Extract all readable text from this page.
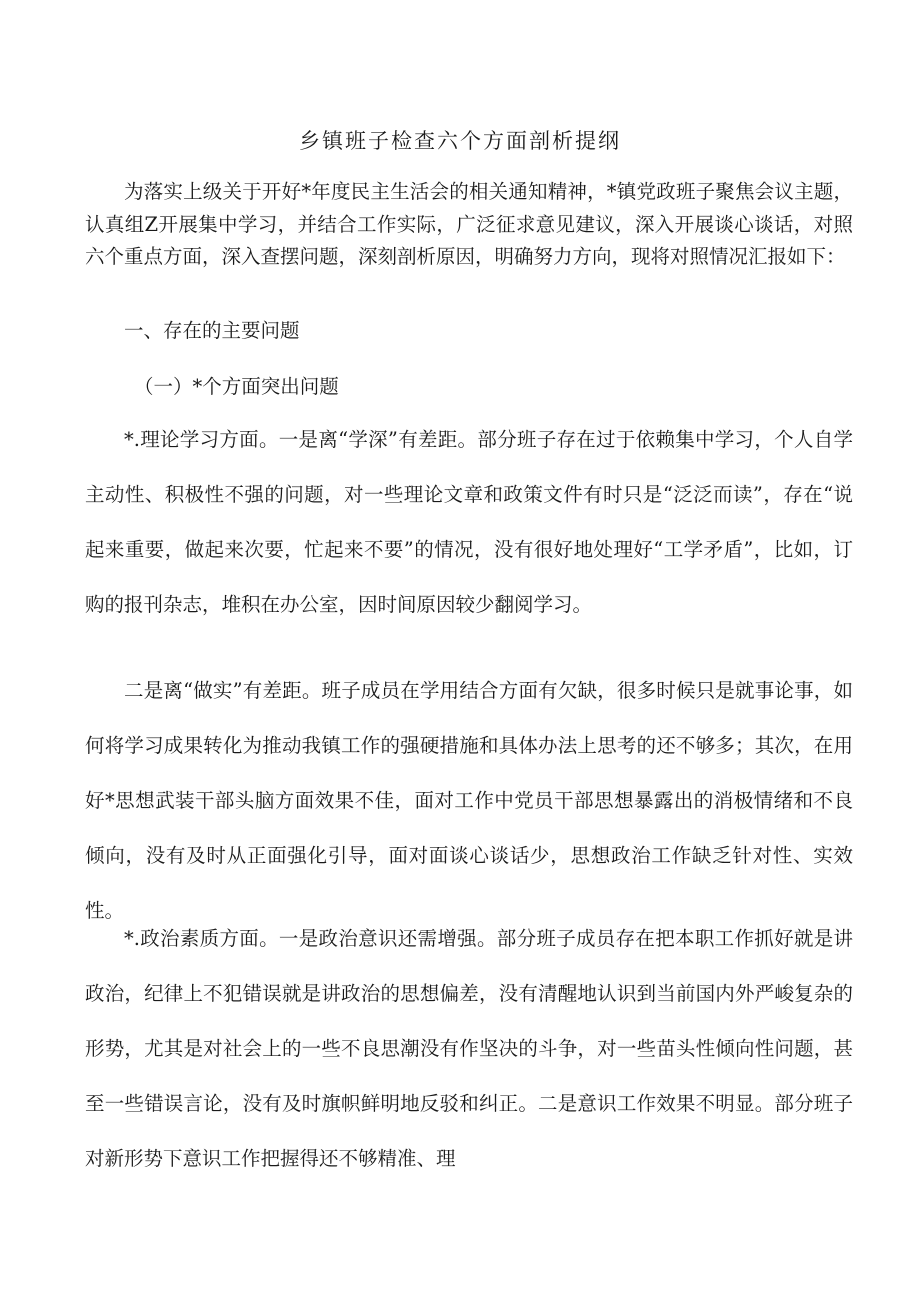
乡镇班子检查六个方面剖析提纲

为落实上级关于开好*年度民主生活会的相关通知精神，*镇党政班子聚焦会议主题，认真组Z开展集中学习，并结合工作实际，广泛征求意见建议，深入开展谈心谈话，对照六个重点方面，深入查摆问题，深刻剖析原因，明确努力方向，现将对照情况汇报如下：

一、存在的主要问题
（一）*个方面突出问题

*.理论学习方面。一是离“学深”有差距。部分班子存在过于依赖集中学习，个人自学主动性、积极性不强的问题，对一些理论文章和政策文件有时只是“泛泛而读”，存在“说起来重要，做起来次要，忙起来不要”的情况，没有很好地处理好“工学矛盾”，比如，订购的报刊杂志，堆积在办公室，因时间原因较少翻阅学习。

二是离“做实”有差距。班子成员在学用结合方面有欠缺，很多时候只是就事论事，如何将学习成果转化为推动我镇工作的强硬措施和具体办法上思考的还不够多；其次，在用好*思想武装干部头脑方面效果不佳，面对工作中党员干部思想暴露出的消极情绪和不良倾向，没有及时从正面强化引导，面对面谈心谈话少，思想政治工作缺乏针对性、实效性。

*.政治素质方面。一是政治意识还需增强。部分班子成员存在把本职工作抓好就是讲政治，纪律上不犯错误就是讲政治的思想偏差，没有清醒地认识到当前国内外严峻复杂的形势，尤其是对社会上的一些不良思潮没有作坚决的斗争，对一些苗头性倾向性问题，甚至一些错误言论，没有及时旗帜鲜明地反驳和纠正。二是意识工作效果不明显。部分班子对新形势下意识工作把握得还不够精准、理
